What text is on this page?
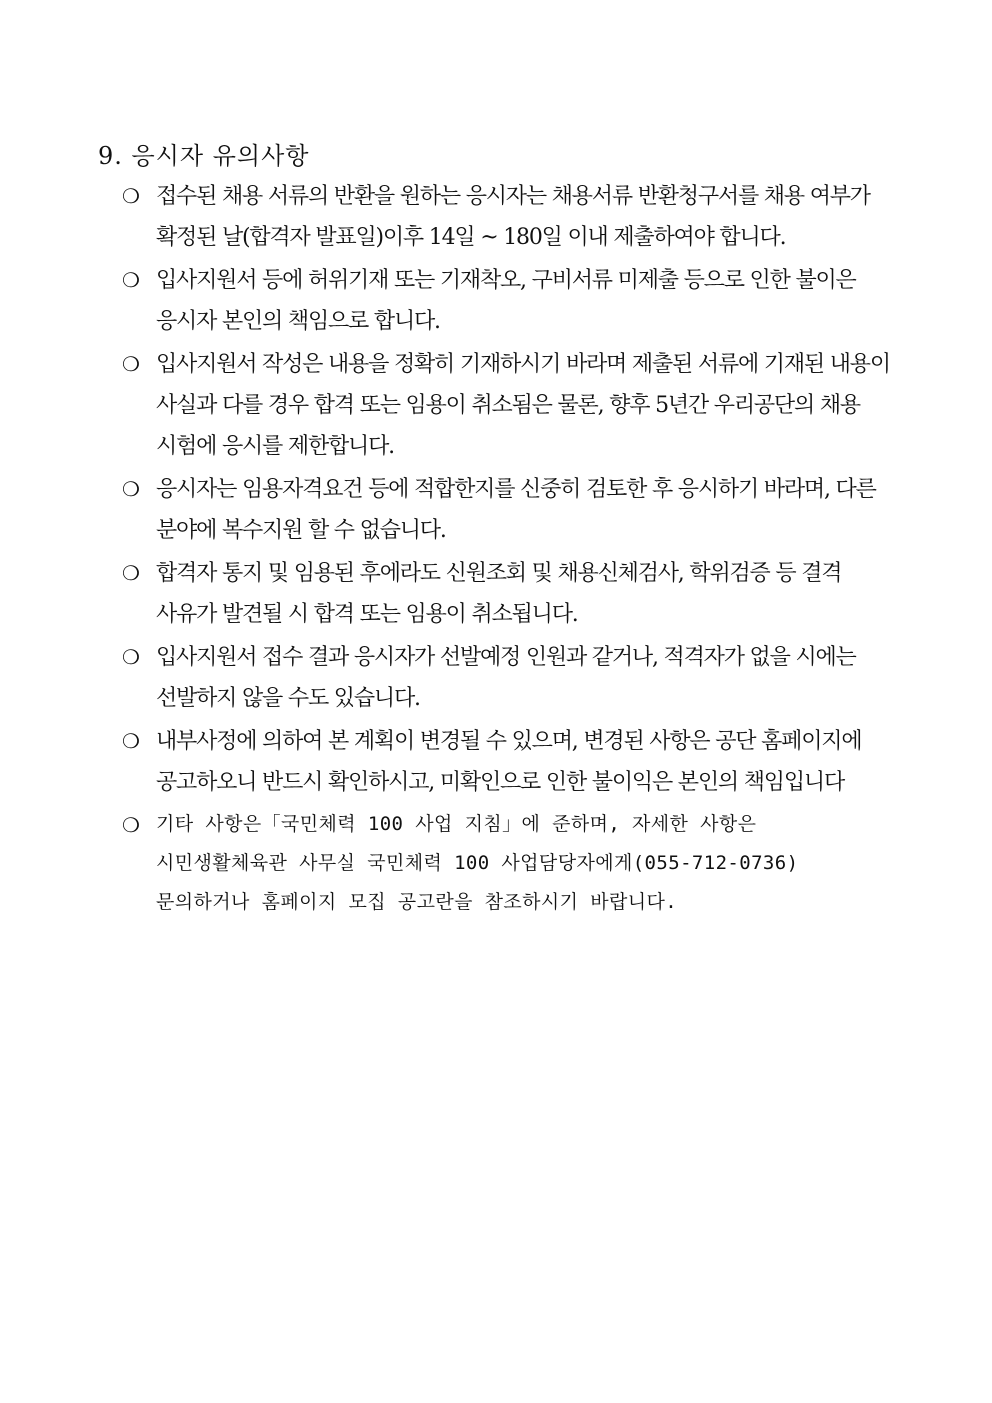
9. 응시자 유의사항
❍ 접수된 채용 서류의 반환을 원하는 응시자는 채용서류 반환청구서를 채용 여부가
확정된 날(합격자 발표일)이후 14일 ~ 180일 이내 제출하여야 합니다.
❍ 입사지원서 등에 허위기재 또는 기재착오, 구비서류 미제출 등으로 인한 불이은
응시자 본인의 책임으로 합니다.
❍ 입사지원서 작성은 내용을 정확히 기재하시기 바라며 제출된 서류에 기재된 내용이
사실과 다를 경우 합격 또는 임용이 취소됨은 물론, 향후 5년간 우리공단의 채용
시험에 응시를 제한합니다.
❍ 응시자는 임용자격요건 등에 적합한지를 신중히 검토한 후 응시하기 바라며, 다른
분야에 복수지원 할 수 없습니다.
❍ 합격자 통지 및 임용된 후에라도 신원조회 및 채용신체검사, 학위검증 등 결격
사유가 발견될 시 합격 또는 임용이 취소됩니다.
❍ 입사지원서 접수 결과 응시자가 선발예정 인원과 같거나, 적격자가 없을 시에는
선발하지 않을 수도 있습니다.
❍ 내부사정에 의하여 본 계획이 변경될 수 있으며, 변경된 사항은 공단 홈페이지에
공고하오니 반드시 확인하시고, 미확인으로 인한 불이익은 본인의 책임입니다
❍ 기타 사항은「국민체력 100 사업 지침」에 준하며, 자세한 사항은
시민생활체육관 사무실 국민체력 100 사업담당자에게(055-712-0736)
문의하거나 홈페이지 모집 공고란을 참조하시기 바랍니다.
